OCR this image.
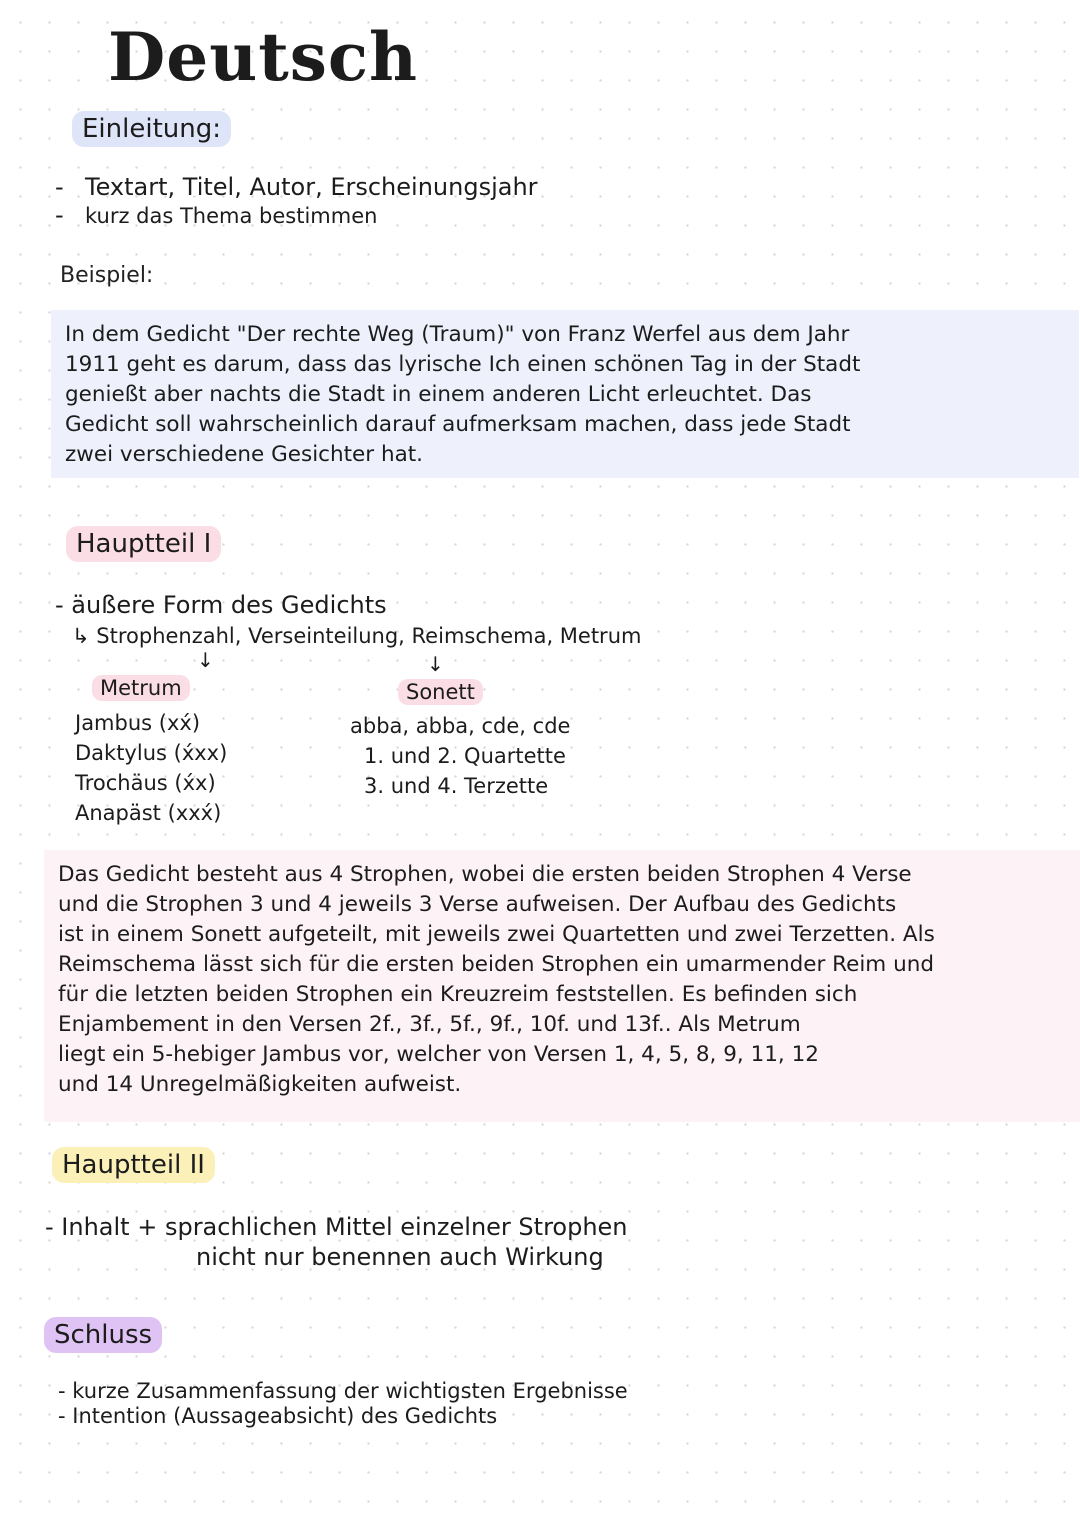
Deutsch
Einleitung:
- Textart, Titel, Autor, Erscheinungsjahr
- kurz das Thema bestimmen
Beispiel:
In dem Gedicht "Der rechte Weg (Traum)" von Franz Werfel aus dem Jahr
1911 geht es darum, dass das lyrische Ich einen schönen Tag in der Stadt
genießt aber nachts die Stadt in einem anderen Licht erleuchtet. Das
Gedicht soll wahrscheinlich darauf aufmerksam machen, dass jede Stadt
zwei verschiedene Gesichter hat.
Hauptteil I
- äußere Form des Gedichts
↳ Strophenzahl, Verseinteilung, Reimschema, Metrum
↓	↓
Metrum
Jambus (xx́)
Daktylus (x́xx)
Trochäus (x́x)
Anapäst (xxx́)
Sonett
abba, abba, cde, cde
1. und 2. Quartette
3. und 4. Terzette
Das Gedicht besteht aus 4 Strophen, wobei die ersten beiden Strophen 4 Verse
und die Strophen 3 und 4 jeweils 3 Verse aufweisen. Der Aufbau des Gedichts
ist in einem Sonett aufgeteilt, mit jeweils zwei Quartetten und zwei Terzetten. Als
Reimschema lässt sich für die ersten beiden Strophen ein umarmender Reim und
für die letzten beiden Strophen ein Kreuzreim feststellen. Es befinden sich
Enjambement in den Versen 2f., 3f., 5f., 9f., 10f. und 13f.. Als Metrum
liegt ein 5-hebiger Jambus vor, welcher von Versen 1, 4, 5, 8, 9, 11, 12
und 14 Unregelmäßigkeiten aufweist.
Hauptteil II
- Inhalt + sprachlichen Mittel einzelner Strophen
nicht nur benennen auch Wirkung
Schluss
- kurze Zusammenfassung der wichtigsten Ergebnisse
- Intention (Aussageabsicht) des Gedichts
